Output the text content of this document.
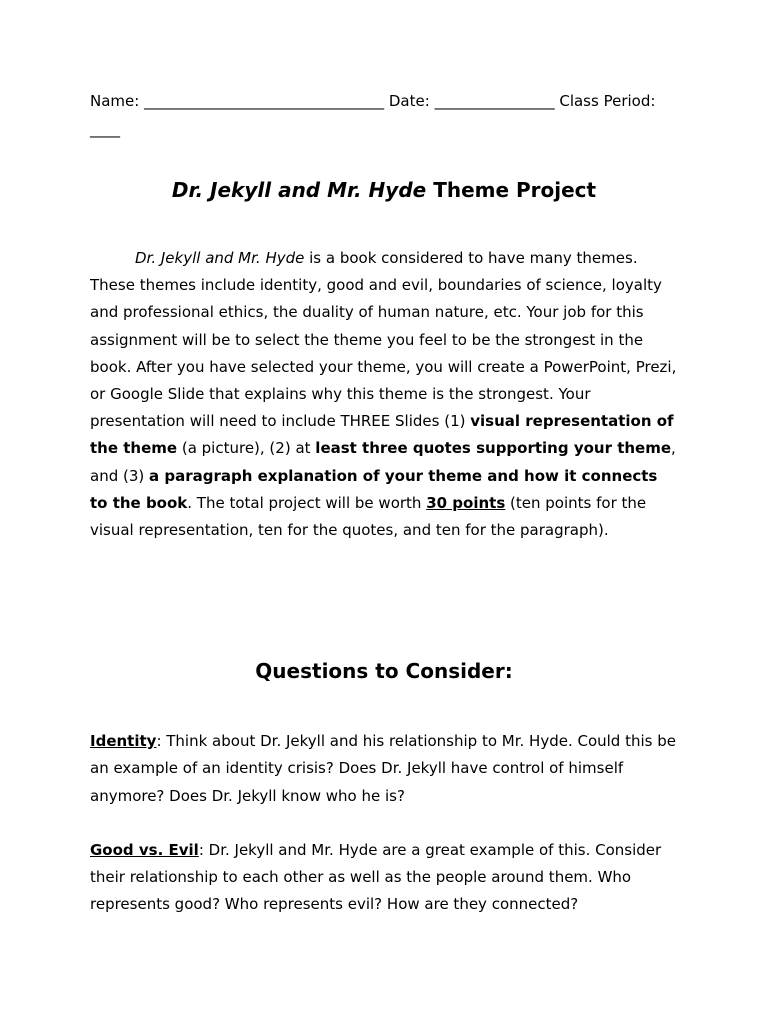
Name: ________________________________ Date: ________________ Class Period: ____

Dr. Jekyll and Mr. Hyde Theme Project

Dr. Jekyll and Mr. Hyde is a book considered to have many themes. These themes include identity, good and evil, boundaries of science, loyalty and professional ethics, the duality of human nature, etc. Your job for this assignment will be to select the theme you feel to be the strongest in the book. After you have selected your theme, you will create a PowerPoint, Prezi, or Google Slide that explains why this theme is the strongest. Your presentation will need to include THREE Slides (1) visual representation of the theme (a picture), (2) at least three quotes supporting your theme, and (3) a paragraph explanation of your theme and how it connects to the book. The total project will be worth 30 points (ten points for the visual representation, ten for the quotes, and ten for the paragraph).

Questions to Consider:

Identity: Think about Dr. Jekyll and his relationship to Mr. Hyde. Could this be an example of an identity crisis? Does Dr. Jekyll have control of himself anymore? Does Dr. Jekyll know who he is?

Good vs. Evil: Dr. Jekyll and Mr. Hyde are a great example of this. Consider their relationship to each other as well as the people around them. Who represents good? Who represents evil? How are they connected?
